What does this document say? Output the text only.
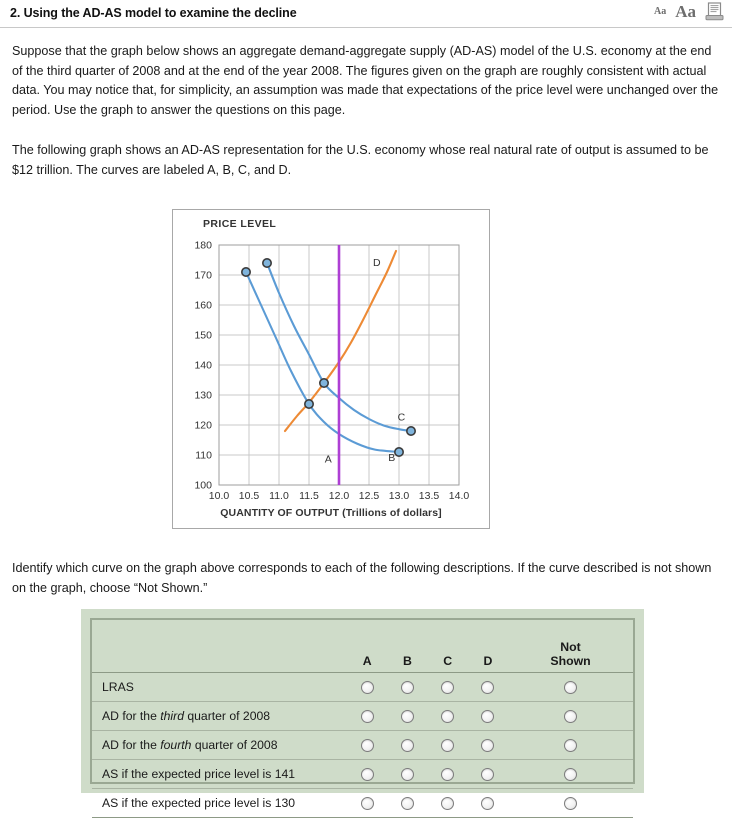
2. Using the AD-AS model to examine the decline	Aa Aa

Suppose that the graph below shows an aggregate demand-aggregate supply (AD-AS) model of the U.S. economy at the end of the third quarter of 2008 and at the end of the year 2008. The figures given on the graph are roughly consistent with actual data. You may notice that, for simplicity, an assumption was made that expectations of the price level were unchanged over the period. Use the graph to answer the questions on this page.

The following graph shows an AD-AS representation for the U.S. economy whose real natural rate of output is assumed to be $12 trillion. The curves are labeled A, B, C, and D.

PRICE LEVEL
100
110
120
130
140
150
160
170
180
10.0 10.5 11.0 11.5 12.0 12.5 13.0 13.5 14.0
C
B
D
A
QUANTITY OF OUTPUT (Trillions of dollars]

Identify which curve on the graph above corresponds to each of the following descriptions. If the curve described is not shown on the graph, choose “Not Shown.”

	A	B	C	D	Not
Shown

LRAS					
AD for the third quarter of 2008					
AD for the fourth quarter of 2008					
AS if the expected price level is 141					
AS if the expected price level is 130					
